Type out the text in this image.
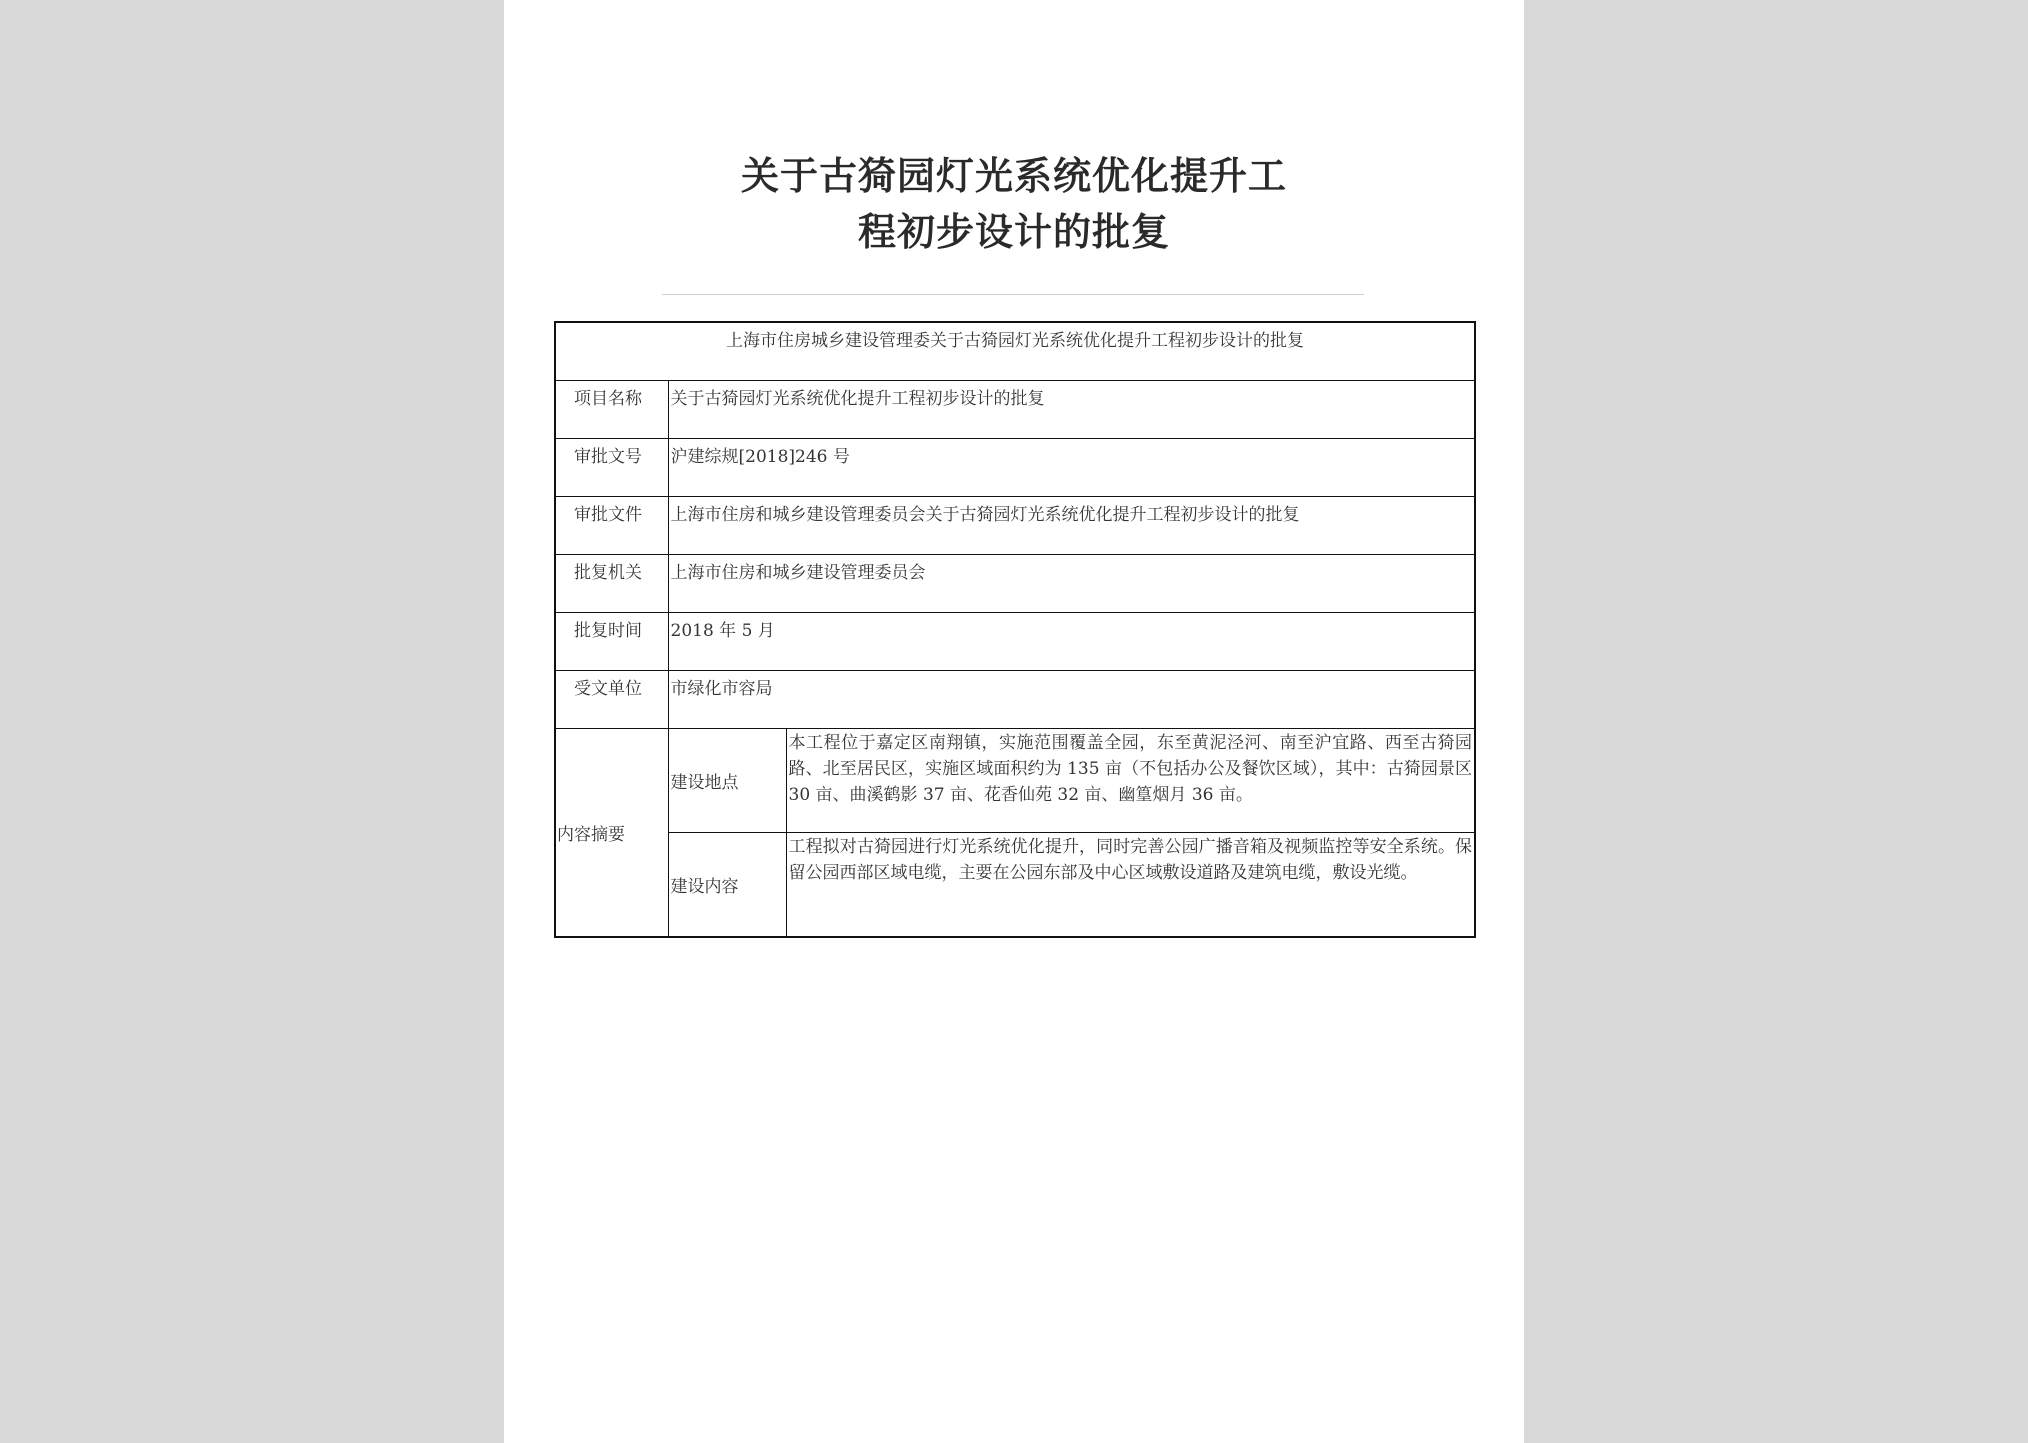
关于古猗园灯光系统优化提升工
程初步设计的批复
上海市住房城乡建设管理委关于古猗园灯光系统优化提升工程初步设计的批复		
项目名称	关于古猗园灯光系统优化提升工程初步设计的批复	
审批文号	沪建综规[2018]246 号	
审批文件	上海市住房和城乡建设管理委员会关于古猗园灯光系统优化提升工程初步设计的批复	
批复机关	上海市住房和城乡建设管理委员会	
批复时间	2018 年 5 月	
受文单位	市绿化市容局	
内容摘要	建设地点	本工程位于嘉定区南翔镇，实施范围覆盖全园，东至黄泥泾河、南至沪宜路、西至古猗园路、北至居民区，实施区域面积约为 135 亩（不包括办公及餐饮区域），其中：古猗园景区 30 亩、曲溪鹤影 37 亩、花香仙苑 32 亩、幽篁烟月 36 亩。
	建设内容	工程拟对古猗园进行灯光系统优化提升，同时完善公园广播音箱及视频监控等安全系统。保留公园西部区域电缆，主要在公园东部及中心区域敷设道路及建筑电缆，敷设光缆。
